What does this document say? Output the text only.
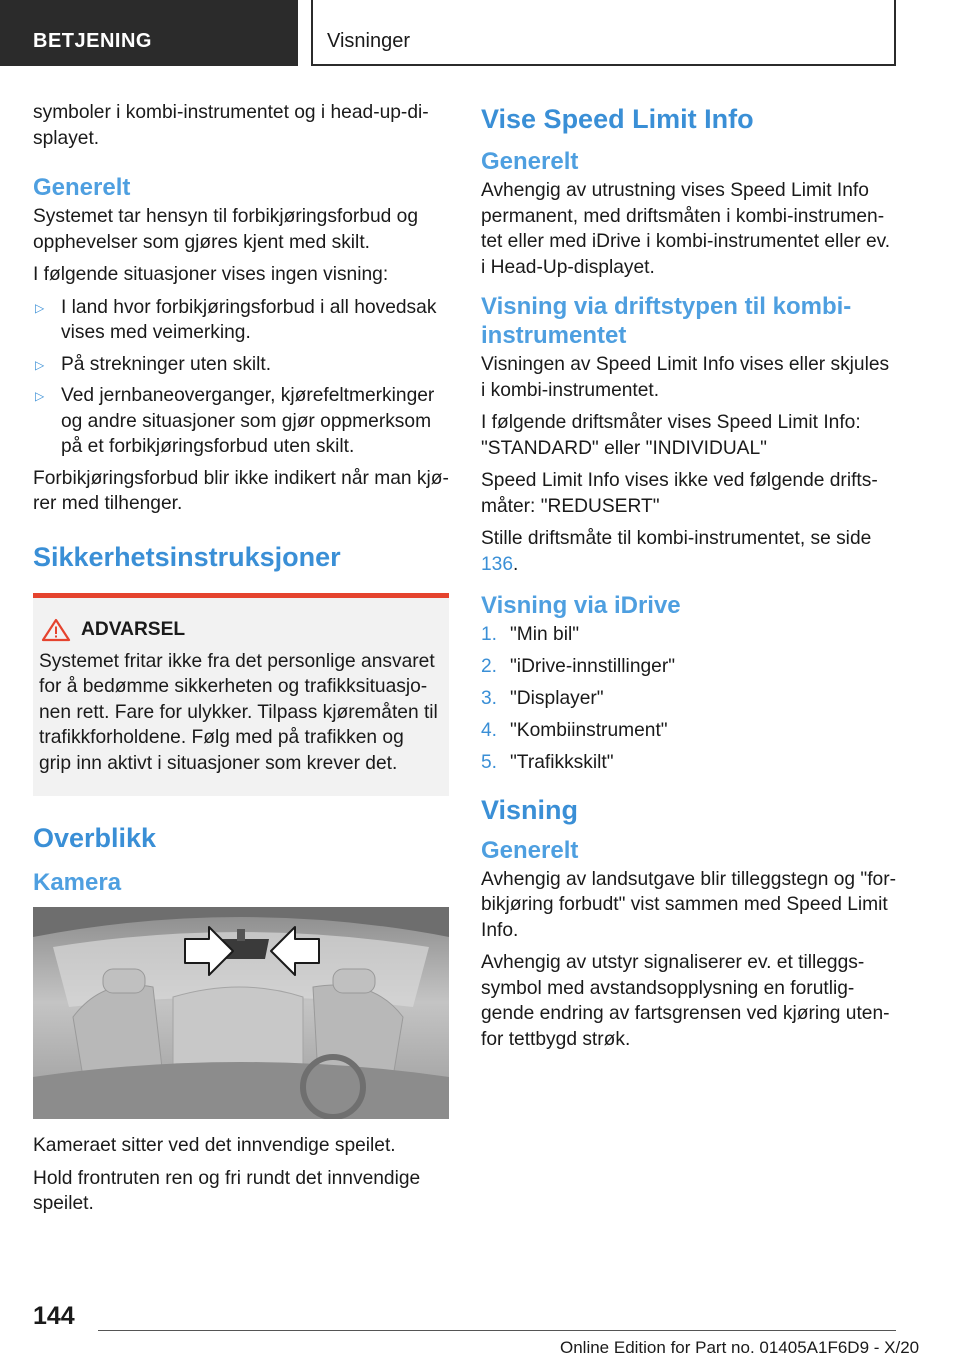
BETJENING	Visninger

symboler i kombi-instrumentet og i head-up-displayet.

Generelt

Systemet tar hensyn til forbikjøringsforbud og opphevelser som gjøres kjent med skilt.

I følgende situasjoner vises ingen visning:

▷ I land hvor forbikjøringsforbud i all hovedsak vises med veimerking.
▷ På strekninger uten skilt.
▷ Ved jernbaneoverganger, kjørefeltmerkinger og andre situasjoner som gjør oppmerksom på et forbikjøringsforbud uten skilt.

Forbikjøringsforbud blir ikke indikert når man kjører med tilhenger.

Sikkerhetsinstruksjoner
ADVARSEL
Systemet fritar ikke fra det personlige ansvaret for å bedømme sikkerheten og trafikksituasjonen rett. Fare for ulykker. Tilpass kjøremåten til trafikkforholdene. Følg med på trafikken og grip inn aktivt i situasjoner som krever det.
Overblikk
Kamera

Kameraet sitter ved det innvendige speilet.

Hold frontruten ren og fri rundt det innvendige speilet.

Vise Speed Limit Info
Generelt

Avhengig av utrustning vises Speed Limit Info permanent, med driftsmåten i kombi-instrumentet eller med iDrive i kombi-instrumentet eller ev. i Head-Up-displayet.

Visning via driftstypen til kombiinstrumentet

Visningen av Speed Limit Info vises eller skjules i kombi-instrumentet.

I følgende driftsmåter vises Speed Limit Info: "STANDARD" eller "INDIVIDUAL"

Speed Limit Info vises ikke ved følgende driftsmåter: "REDUSERT"

Stille driftsmåte til kombi-instrumentet, se side 136.

Visning via iDrive
1. "Min bil"
2. "iDrive-innstillinger"
3. "Displayer"
4. "Kombiinstrument"
5. "Trafikkskilt"
Visning
Generelt

Avhengig av landsutgave blir tilleggstegn og "forbikjøring forbudt" vist sammen med Speed Limit Info.

Avhengig av utstyr signaliserer ev. et tilleggssymbol med avstandsopplysning en forutliggende endring av fartsgrensen ved kjøring utenfor tettbygd strøk.

144
Online Edition for Part no. 01405A1F6D9 - X/20
